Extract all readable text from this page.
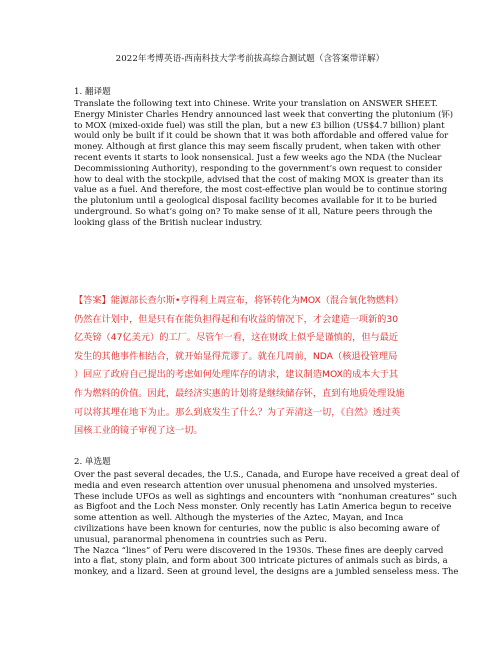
2022年考博英语-西南科技大学考前拔高综合测试题（含答案带详解）
1. 翻译题
Translate the following text into Chinese. Write your translation on ANSWER SHEET.
Energy Minister Charles Hendry announced last week that converting the plutonium (钚)
to MOX (mixed-oxide fuel) was still the plan, but a new £3 billion (US$4.7 billion) plant
would only be built if it could be shown that it was both affordable and offered value for
money. Although at first glance this may seem fiscally prudent, when taken with other
recent events it starts to look nonsensical. Just a few weeks ago the NDA (the Nuclear
Decommissioning Authority), responding to the government’s own request to consider
how to deal with the stockpile, advised that the cost of making MOX is greater than its
value as a fuel. And therefore, the most cost-effective plan would be to continue storing
the plutonium until a geological disposal facility becomes available for it to be buried
underground. So what’s going on? To make sense of it all, Nature peers through the
looking glass of the British nuclear industry.
【答案】能源部长查尔斯•亨得利上周宣布，将钚转化为MOX（混合氧化物燃料）
仍然在计划中，但是只有在能负担得起和有收益的情况下，才会建造一项新的30
亿英镑（47亿美元）的工厂。尽管乍一看，这在财政上似乎是谨慎的，但与最近
发生的其他事件相结合，就开始显得荒谬了。就在几周前，NDA（核退役管理局
）回应了政府自己提出的考虑如何处理库存的请求，建议制造MOX的成本大于其
作为燃料的价值。因此，最经济实惠的计划将是继续储存钚，直到有地质处理设施
可以将其埋在地下为止。那么到底发生了什么？为了弄清这一切，《自然》透过英
国核工业的镜子审视了这一切。
2. 单选题
Over the past several decades, the U.S., Canada, and Europe have received a great deal of
media and even research attention over unusual phenomena and unsolved mysteries.
These include UFOs as well as sightings and encounters with “nonhuman creatures” such
as Bigfoot and the Loch Ness monster. Only recently has Latin America begun to receive
some attention as well. Although the mysteries of the Aztec, Mayan, and Inca
civilizations have been known for centuries, now the public is also becoming aware of
unusual, paranormal phenomena in countries such as Peru.
The Nazca “lines” of Peru were discovered in the 1930s. These fines are deeply carved
into a flat, stony plain, and form about 300 intricate pictures of animals such as birds, a
monkey, and a lizard. Seen at ground level, the designs are a jumbled senseless mess. The
